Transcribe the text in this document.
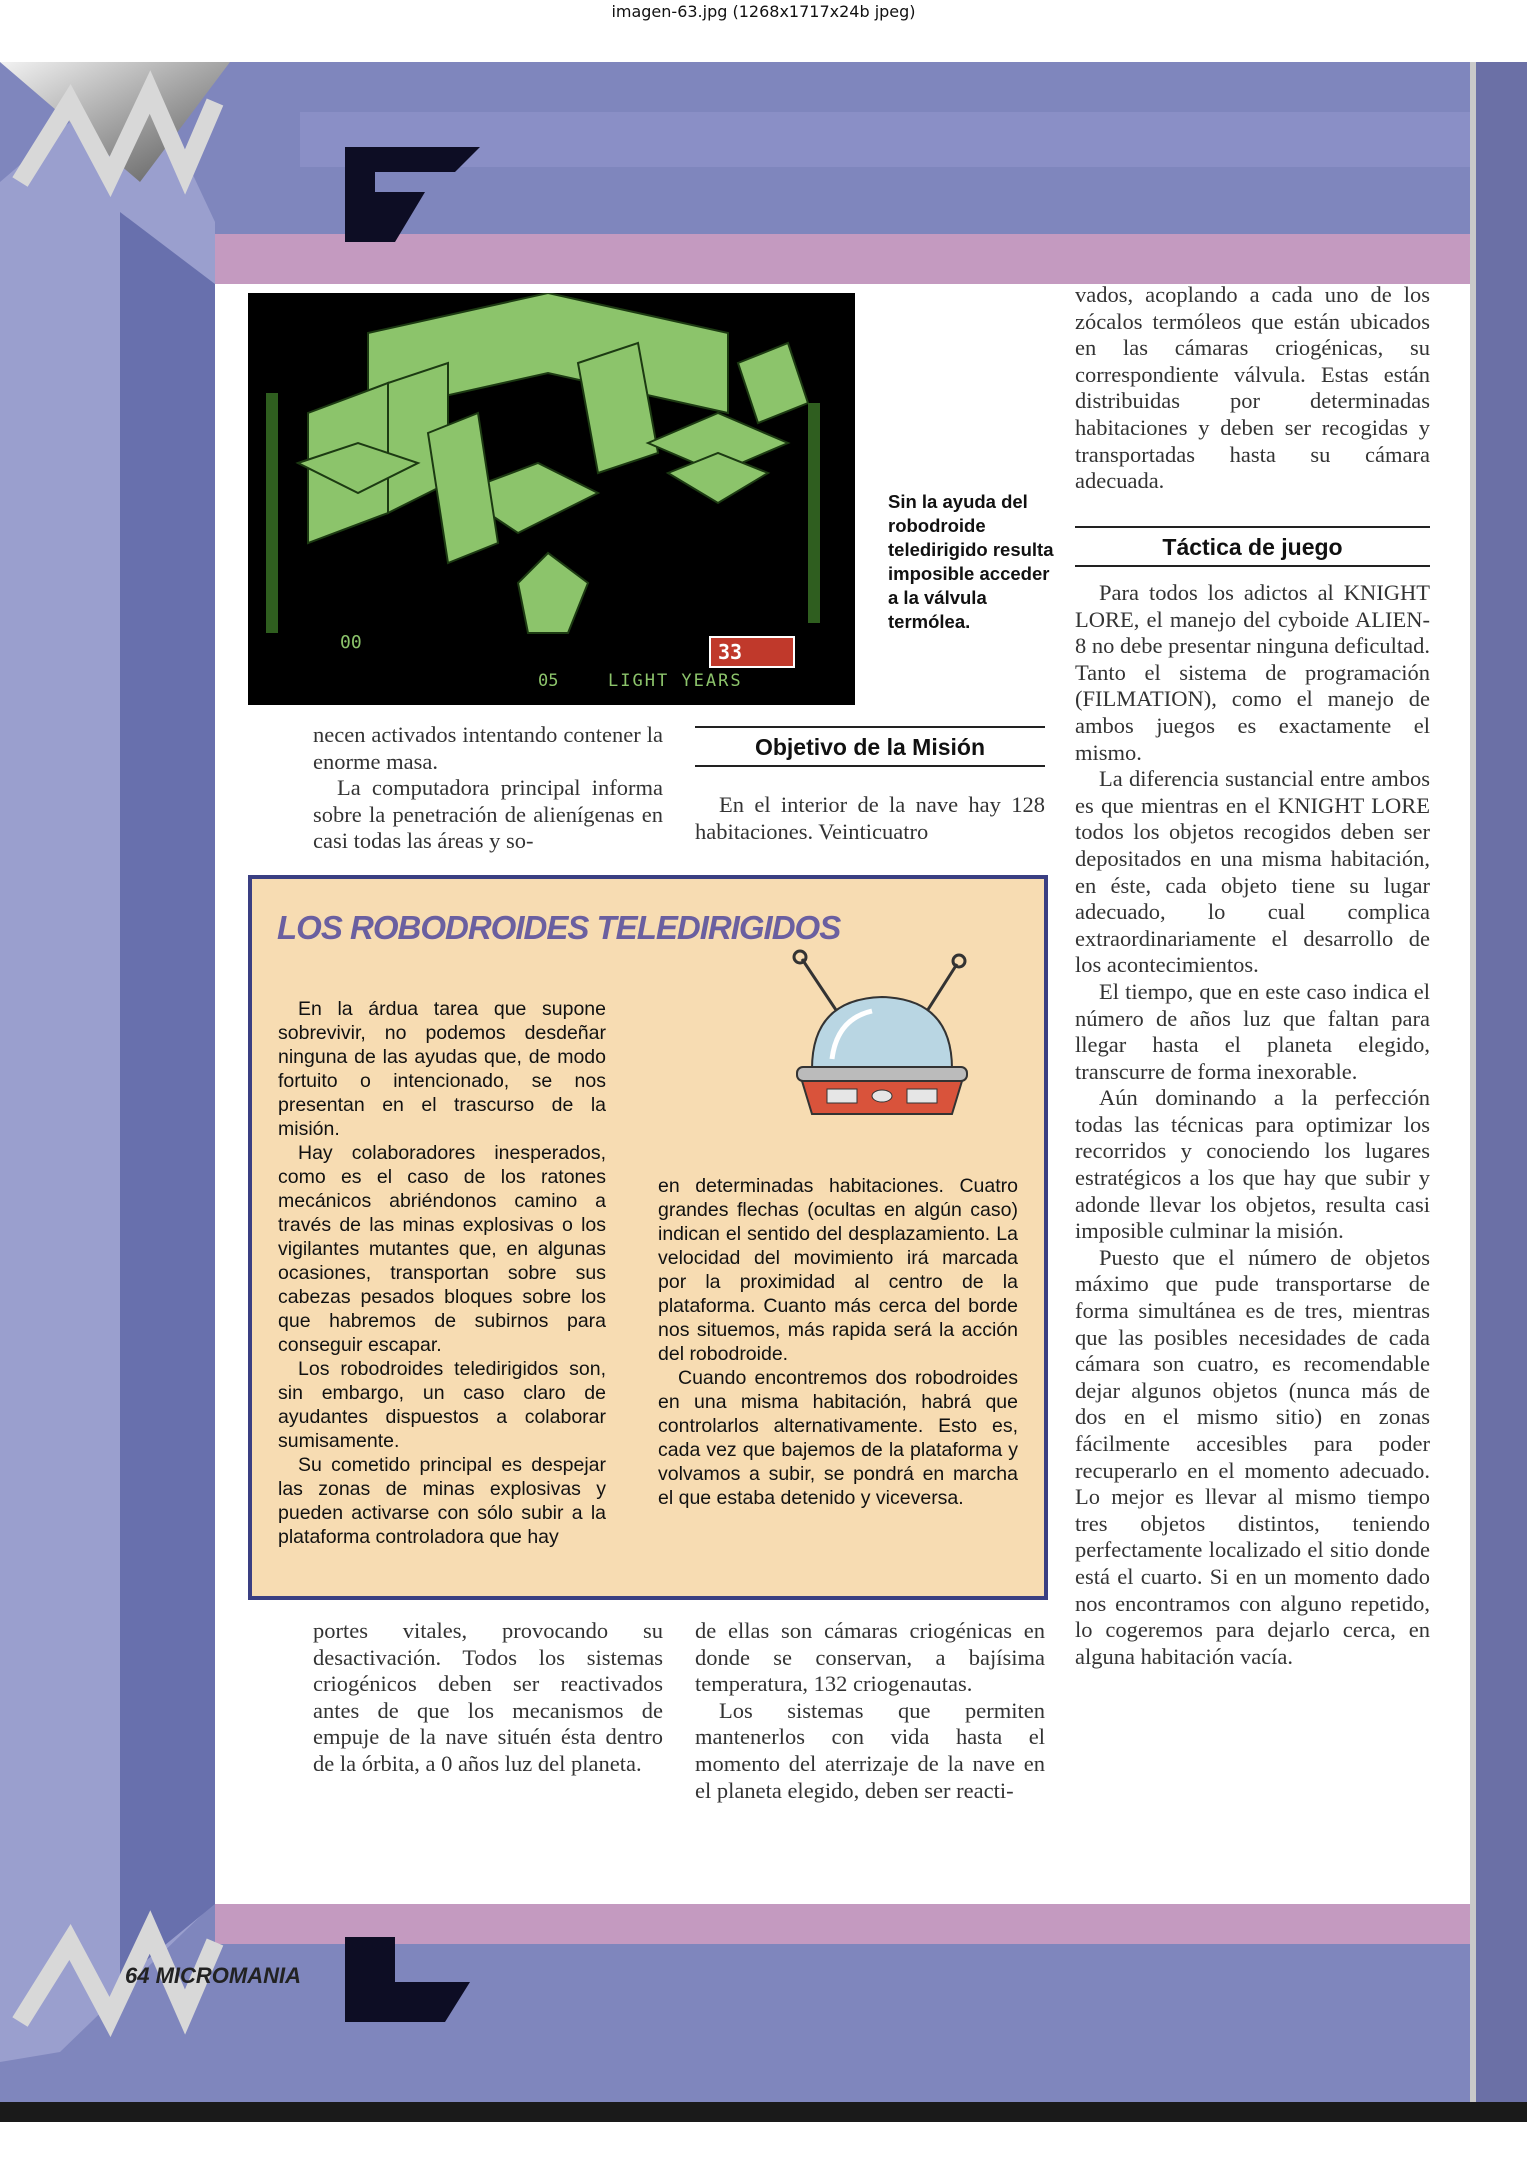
imagen-63.jpg (1268x1717x24b jpeg)
33
00
05	LIGHT YEARS
Sin la ayuda del robodroide teledirigido resulta imposible acceder a la válvula termólea.

necen activados intentando contener la enorme masa.

La computadora principal informa sobre la penetración de alienígenas en casi todas las áreas y so-

Objetivo de la Misión

En el interior de la nave hay 128 habitaciones. Veinticuatro

vados, acoplando a cada uno de los zócalos termóleos que están ubicados en las cámaras criogénicas, su correspondiente válvula. Estas están distribuidas por determinadas habitaciones y deben ser recogidas y transportadas hasta su cámara adecuada.

Táctica de juego

Para todos los adictos al KNIGHT LORE, el manejo del cyboide ALIEN-8 no debe presentar ninguna deficultad. Tanto el sistema de programación (FILMATION), como el manejo de ambos juegos es exactamente el mismo.

La diferencia sustancial entre ambos es que mientras en el KNIGHT LORE todos los objetos recogidos deben ser depositados en una misma habitación, en éste, cada objeto tiene su lugar adecuado, lo cual complica extraordinariamente el desarrollo de los acontecimientos.

El tiempo, que en este caso indica el número de años luz que faltan para llegar hasta el planeta elegido, transcurre de forma inexorable.

Aún dominando a la perfección todas las técnicas para optimizar los recorridos y conociendo los lugares estratégicos a los que hay que subir y adonde llevar los objetos, resulta casi imposible culminar la misión.

Puesto que el número de objetos máximo que pude transportarse de forma simultánea es de tres, mientras que las posibles necesidades de cada cámara son cuatro, es recomendable dejar algunos objetos (nunca más de dos en el mismo sitio) en zonas fácilmente accesibles para poder recuperarlo en el momento adecuado. Lo mejor es llevar al mismo tiempo tres objetos distintos, teniendo perfectamente localizado el sitio donde está el cuarto. Si en un momento dado nos encontramos con alguno repetido, lo cogeremos para dejarlo cerca, en alguna habitación vacía.

LOS ROBODROIDES TELEDIRIGIDOS

En la árdua tarea que supone sobrevivir, no podemos desdeñar ninguna de las ayudas que, de modo fortuito o intencionado, se nos presentan en el trascurso de la misión.

Hay colaboradores inesperados, como es el caso de los ratones mecánicos abriéndonos camino a través de las minas explosivas o los vigilantes mutantes que, en algunas ocasiones, transportan sobre sus cabezas pesados bloques sobre los que habremos de subirnos para conseguir escapar.

Los robodroides teledirigidos son, sin embargo, un caso claro de ayudantes dispuestos a colaborar sumisamente.

Su cometido principal es despejar las zonas de minas explosivas y pueden activarse con sólo subir a la plataforma controladora que hay

en determinadas habitaciones. Cuatro grandes flechas (ocultas en algún caso) indican el sentido del desplazamiento. La velocidad del movimiento irá marcada por la proximidad al centro de la plataforma. Cuanto más cerca del borde nos situemos, más rapida será la acción del robodroide.

Cuando encontremos dos robodroides en una misma habitación, habrá que controlarlos alternativamente. Esto es, cada vez que bajemos de la plataforma y volvamos a subir, se pondrá en marcha el que estaba detenido y viceversa.

portes vitales, provocando su desactivación. Todos los sistemas criogénicos deben ser reactivados antes de que los mecanismos de empuje de la nave situén ésta dentro de la órbita, a 0 años luz del planeta.

de ellas son cámaras criogénicas en donde se conservan, a bajísima temperatura, 132 criogenautas.

Los sistemas que permiten mantenerlos con vida hasta el momento del aterrizaje de la nave en el planeta elegido, deben ser reacti-

64 MICROMANIA
